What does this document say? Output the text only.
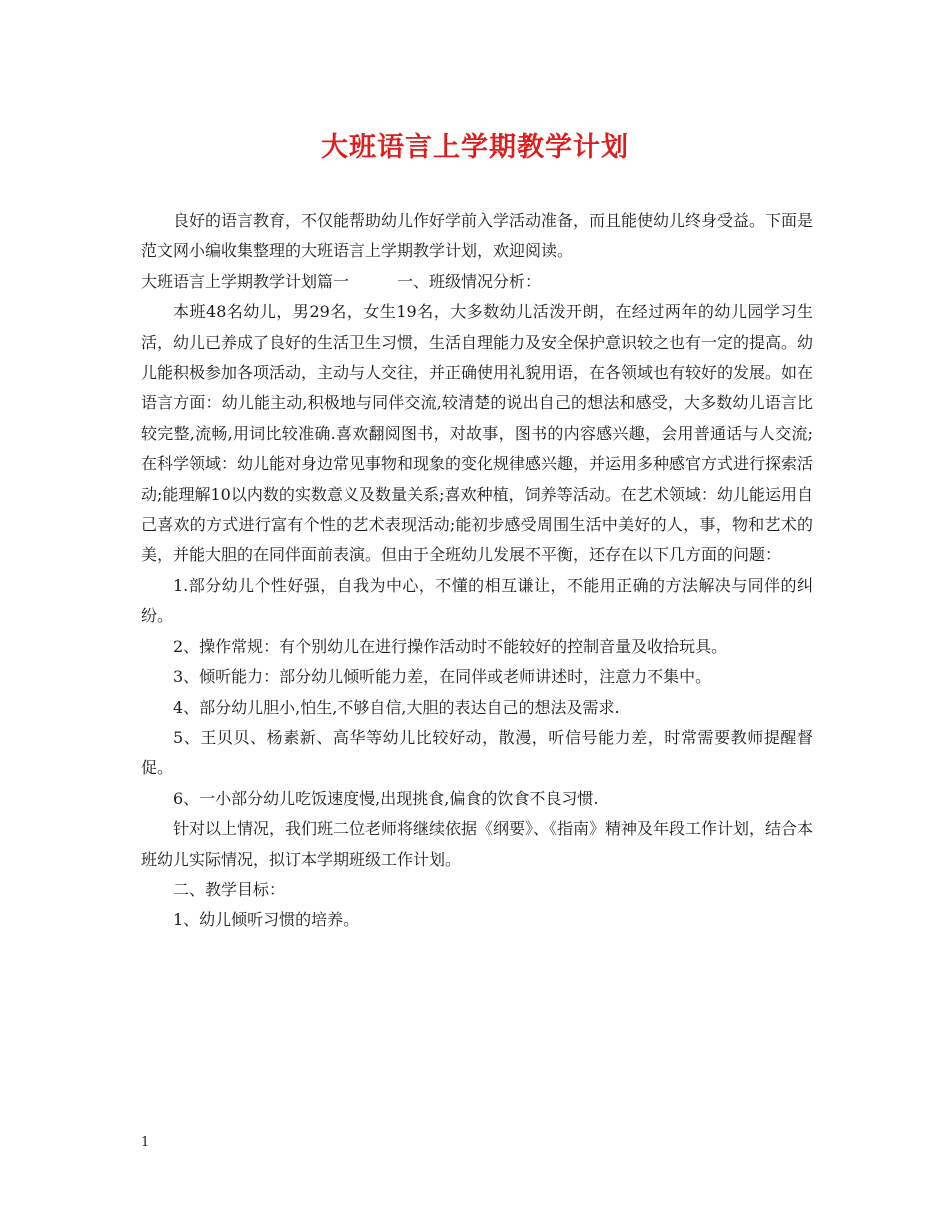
大班语言上学期教学计划

良好的语言教育，不仅能帮助幼儿作好学前入学活动准备，而且能使幼儿终身受益。下面是范文网小编收集整理的大班语言上学期教学计划，欢迎阅读。

大班语言上学期教学计划篇一	一、班级情况分析：

本班48名幼儿，男29名，女生19名，大多数幼儿活泼开朗，在经过两年的幼儿园学习生活，幼儿已养成了良好的生活卫生习惯，生活自理能力及安全保护意识较之也有一定的提高。幼儿能积极参加各项活动，主动与人交往，并正确使用礼貌用语，在各领域也有较好的发展。如在语言方面：幼儿能主动,积极地与同伴交流,较清楚的说出自己的想法和感受，大多数幼儿语言比较完整,流畅,用词比较准确.喜欢翻阅图书，对故事，图书的内容感兴趣，会用普通话与人交流;在科学领域：幼儿能对身边常见事物和现象的变化规律感兴趣，并运用多种感官方式进行探索活动;能理解10以内数的实数意义及数量关系;喜欢种植，饲养等活动。在艺术领域：幼儿能运用自己喜欢的方式进行富有个性的艺术表现活动;能初步感受周围生活中美好的人，事，物和艺术的美，并能大胆的在同伴面前表演。但由于全班幼儿发展不平衡，还存在以下几方面的问题：

1.部分幼儿个性好强，自我为中心，不懂的相互谦让，不能用正确的方法解决与同伴的纠纷。

2、操作常规：有个别幼儿在进行操作活动时不能较好的控制音量及收拾玩具。

3、倾听能力：部分幼儿倾听能力差，在同伴或老师讲述时，注意力不集中。

4、部分幼儿胆小,怕生,不够自信,大胆的表达自己的想法及需求.

5、王贝贝、杨素新、高华等幼儿比较好动，散漫，听信号能力差，时常需要教师提醒督促。

6、一小部分幼儿吃饭速度慢,出现挑食,偏食的饮食不良习惯.

针对以上情况，我们班二位老师将继续依据《纲要》、《指南》精神及年段工作计划，结合本班幼儿实际情况，拟订本学期班级工作计划。

二、教学目标：

1、幼儿倾听习惯的培养。

1
